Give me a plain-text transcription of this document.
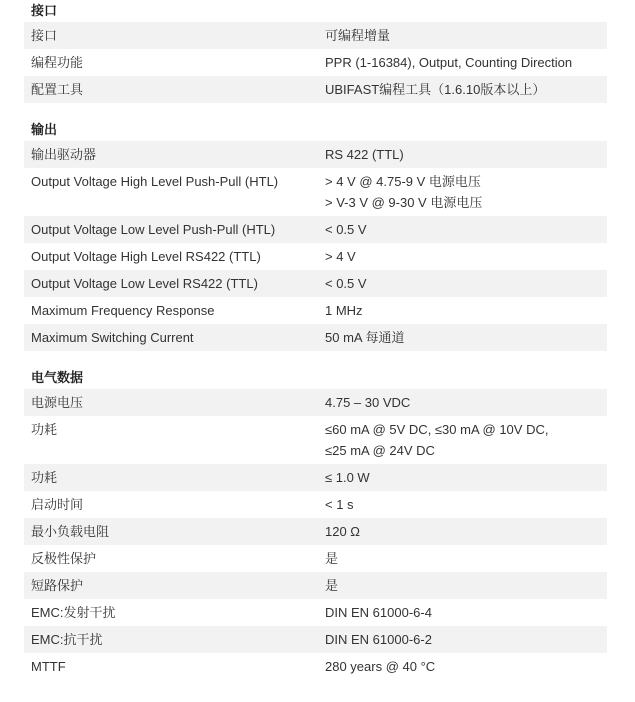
接口
接口	可编程增量

编程功能	PPR (1-16384), Output, Counting Direction

配置工具	UBIFAST编程工具（1.6.10版本以上）
输出
输出驱动器	RS 422 (TTL)

Output Voltage High Level Push-Pull (HTL)	> 4 V @ 4.75-9 V 电源电压
> V-3 V @ 9-30 V 电源电压

Output Voltage Low Level Push-Pull (HTL)	< 0.5 V

Output Voltage High Level RS422 (TTL)	> 4 V

Output Voltage Low Level RS422 (TTL)	< 0.5 V

Maximum Frequency Response	1 MHz

Maximum Switching Current	50 mA 每通道
电气数据
电源电压	4.75 – 30 VDC

功耗	≤60 mA @ 5V DC, ≤30 mA @ 10V DC,
≤25 mA @ 24V DC

功耗	≤ 1.0 W

启动时间	< 1 s

最小负载电阻	120 Ω

反极性保护	是

短路保护	是

EMC:发射干扰	DIN EN 61000-6-4

EMC:抗干扰	DIN EN 61000-6-2

MTTF	280 years @ 40 °C
